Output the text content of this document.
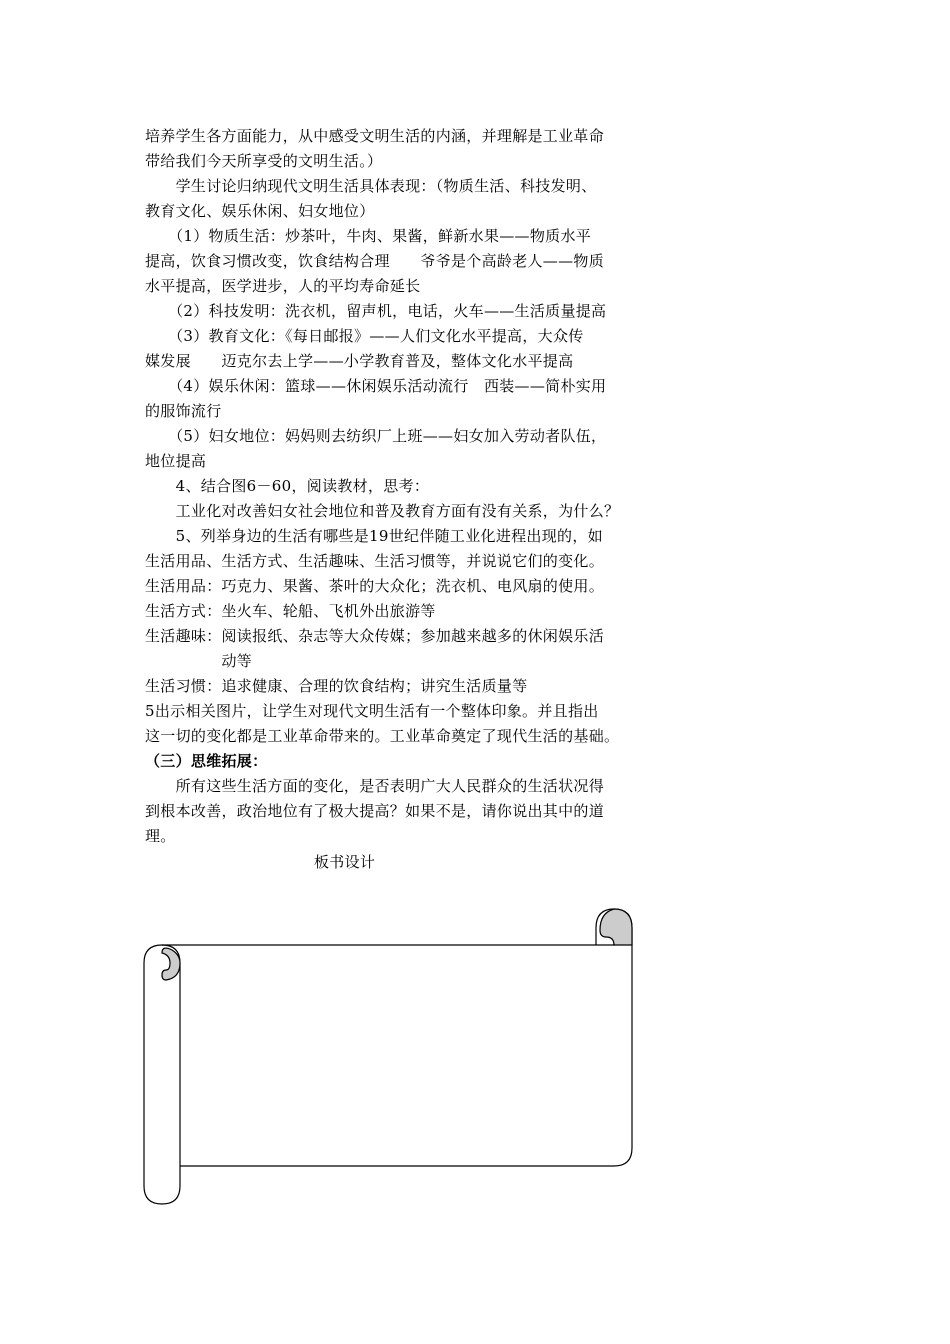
培养学生各方面能力，从中感受文明生活的内涵，并理解是工业革命
带给我们今天所享受的文明生活。）
　　学生讨论归纳现代文明生活具体表现：（物质生活、科技发明、
教育文化、娱乐休闲、妇女地位）
　　（1）物质生活：炒茶叶，牛肉、果酱，鲜新水果——物质水平
提高，饮食习惯改变，饮食结构合理　　爷爷是个高龄老人——物质
水平提高，医学进步，人的平均寿命延长
　　（2）科技发明：洗衣机，留声机，电话，火车——生活质量提高
　　（3）教育文化：《每日邮报》——人们文化水平提高，大众传
媒发展　　迈克尔去上学——小学教育普及，整体文化水平提高
　　（4）娱乐休闲：篮球——休闲娱乐活动流行　西装——简朴实用
的服饰流行
　　（5）妇女地位：妈妈则去纺织厂上班——妇女加入劳动者队伍，
地位提高
　　4、结合图6－60，阅读教材，思考：
　　工业化对改善妇女社会地位和普及教育方面有没有关系，为什么？
　　5、列举身边的生活有哪些是19世纪伴随工业化进程出现的，如
生活用品、生活方式、生活趣味、生活习惯等，并说说它们的变化。
生活用品：巧克力、果酱、茶叶的大众化；洗衣机、电风扇的使用。
生活方式：坐火车、轮船、飞机外出旅游等
生活趣味：阅读报纸、杂志等大众传媒；参加越来越多的休闲娱乐活
　　　　　动等
生活习惯：追求健康、合理的饮食结构；讲究生活质量等
5出示相关图片，让学生对现代文明生活有一个整体印象。并且指出
这一切的变化都是工业革命带来的。工业革命奠定了现代生活的基础。
（三）思维拓展：
　　所有这些生活方面的变化，是否表明广大人民群众的生活状况得
到根本改善，政治地位有了极大提高？如果不是，请你说出其中的道
理。
板书设计
